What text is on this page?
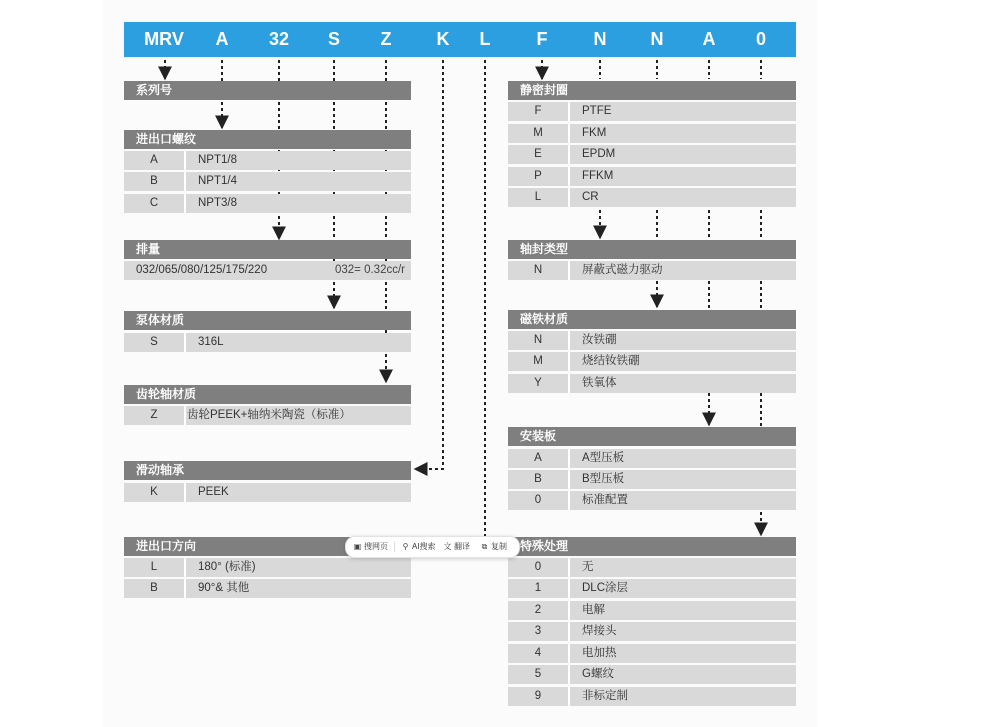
MRV A 32 S Z	K L	F	N N A 0
系列号
进出口螺纹
A	NPT1/8
B	NPT1/4
C	NPT3/8
排量
032/065/080/125/175/220	032= 0.32cc/r
泵体材质
S	316L
齿轮轴材质
Z	齿轮PEEK+轴纳米陶瓷（标准）
滑动轴承
K	PEEK
进出口方向
L	180° (标准)
B	90°& 其他
静密封圈
F	PTFE
M	FKM
E	EPDM
P	FFKM
L	CR
轴封类型
N	屏蔽式磁力驱动
磁铁材质
N	汝铁硼
M	烧结钕铁硼
Y	铁氧体
安装板
A	A型压板
B	B型压板
0	标准配置
特殊处理
0	无
1	DLC涂层
2	电解
3	焊接头
4	电加热
5	G螺纹
9	非标定制
▣ 搜网页 ⚲ AI搜索 文 翻译 ⧉ 复制
